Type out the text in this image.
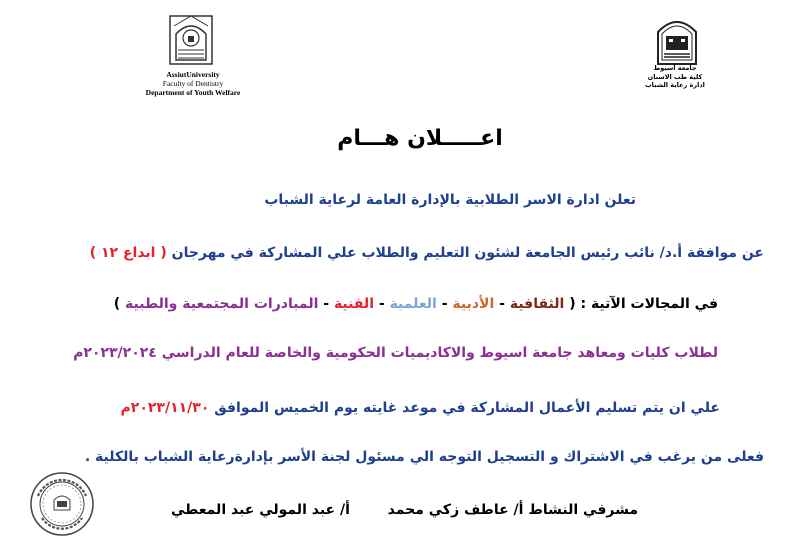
AssiutUniversity
Faculty of Dentistry
Department of Youth Welfare
جامعة أسيوط
كلية طب الاسنان
ادارة رعاية الشباب
اعـــــلان هـــام
تعلن ادارة الاسر الطلابية بالإدارة العامة لرعاية الشباب
عن موافقة أ.د/ نائب رئيس الجامعة لشئون التعليم والطلاب علي المشاركة في مهرجان ( ابداع ١٢ )
في المجالات الآتية : ( الثقافية - الأدبية - العلمية - الفنية - المبادرات المجتمعية والطبية )
لطلاب كليات ومعاهد جامعة اسيوط والاكاديميات الحكومية والخاصة للعام الدراسي ٢٠٢٣/٢٠٢٤م
علي ان يتم تسليم الأعمال المشاركة في موعد غايته يوم الخميس الموافق ٢٠٢٣/١١/٣٠م
فعلى من يرغب في الاشتراك و التسجيل التوجه الي مسئول لجنة الأسر بإدارةرعاية الشباب بالكلية .
مشرفي النشاط أ/ عاطف زكي محمد  أ/ عبد المولي عبد المعطي
